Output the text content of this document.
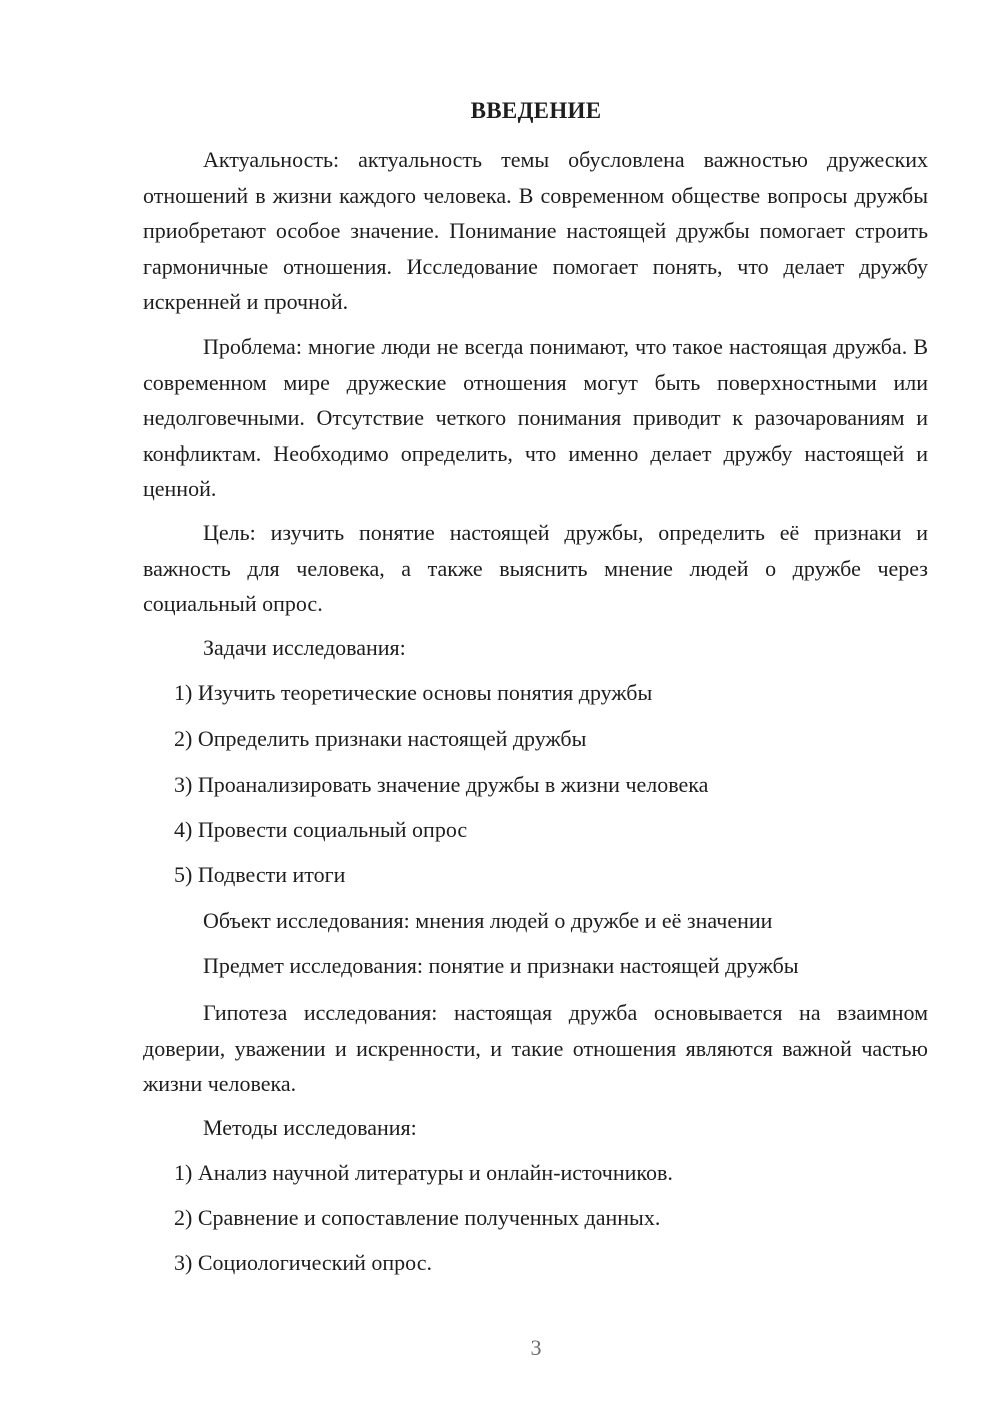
ВВЕДЕНИЕ

Актуальность: актуальность темы обусловлена важностью дружеских отношений в жизни каждого человека. В современном обществе вопросы дружбы приобретают особое значение. Понимание настоящей дружбы помогает строить гармоничные отношения. Исследование помогает понять, что делает дружбу искренней и прочной.

Проблема: многие люди не всегда понимают, что такое настоящая дружба. В современном мире дружеские отношения могут быть поверхностными или недолговечными. Отсутствие четкого понимания приводит к разочарованиям и конфликтам. Необходимо определить, что именно делает дружбу настоящей и ценной.

Цель: изучить понятие настоящей дружбы, определить её признаки и важность для человека, а также выяснить мнение людей о дружбе через социальный опрос.

Задачи исследования:
1) Изучить теоретические основы понятия дружбы
2) Определить признаки настоящей дружбы
3) Проанализировать значение дружбы в жизни человека
4) Провести социальный опрос
5) Подвести итоги
Объект исследования: мнения людей о дружбе и её значении
Предмет исследования: понятие и признаки настоящей дружбы

Гипотеза исследования: настоящая дружба основывается на взаимном доверии, уважении и искренности, и такие отношения являются важной частью жизни человека.

Методы исследования:
1) Анализ научной литературы и онлайн-источников.
2) Сравнение и сопоставление полученных данных.
3) Социологический опрос.
3
